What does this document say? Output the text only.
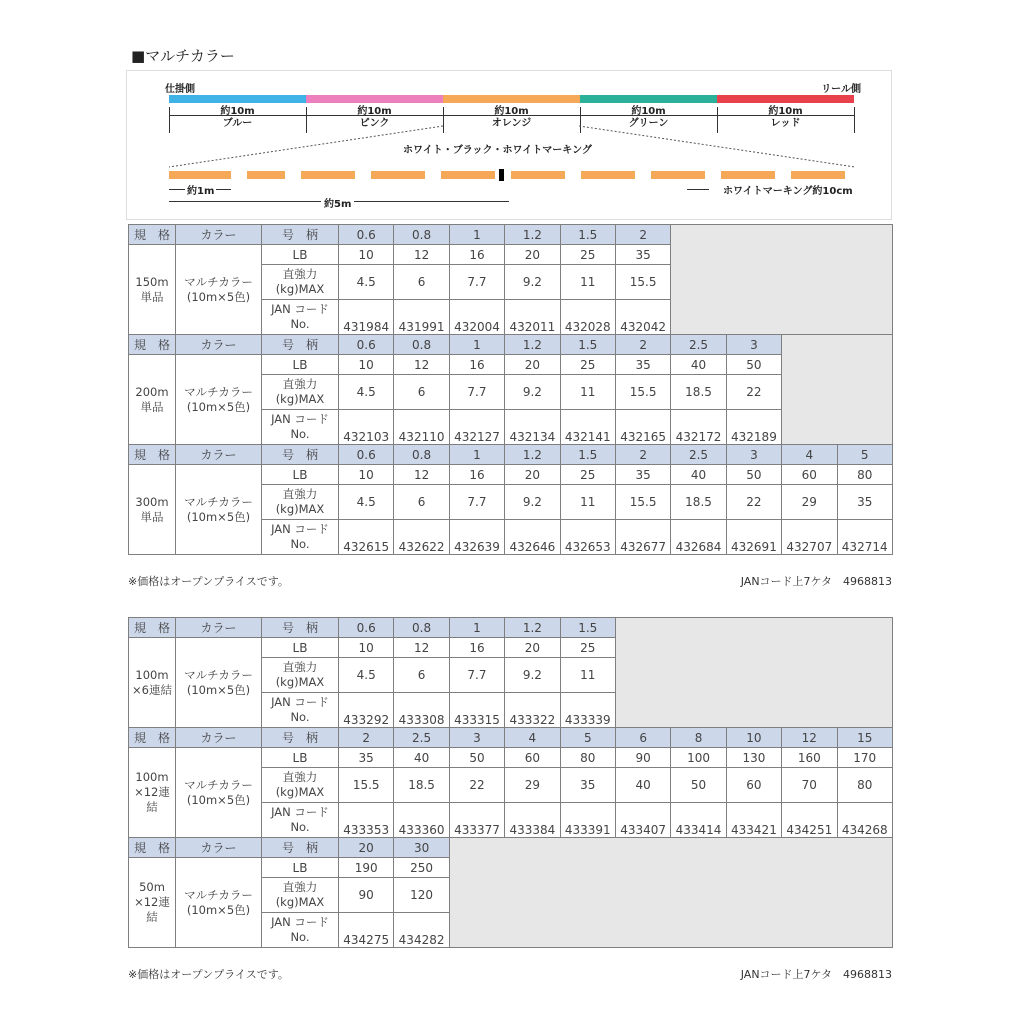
■マルチカラー
仕掛側	リール側
約10m
ブルー
約10m
ピンク
約10m
オレンジ
約10m
グリーン
約10m
レッド
ホワイト・ブラック・ホワイトマーキング
約1m
約5m
ホワイトマーキング約10cm
規　格	カラー	号　柄	0.6	0.8	1	1.2	1.5	2				
150m 単品	マルチカラー (10m×5色)	LB	10	12	16	20	25	35				
		直強力 (kg)MAX	4.5	6	7.7	9.2	11	15.5				
		JAN コード No.	431984	431991	432004	432011	432028	432042				
規　格	カラー	号　柄	0.6	0.8	1	1.2	1.5	2	2.5	3		
200m 単品	マルチカラー (10m×5色)	LB	10	12	16	20	25	35	40	50		
		直強力 (kg)MAX	4.5	6	7.7	9.2	11	15.5	18.5	22		
		JAN コード No.	432103	432110	432127	432134	432141	432165	432172	432189		
規　格	カラー	号　柄	0.6	0.8	1	1.2	1.5	2	2.5	3	4	5
300m 単品	マルチカラー (10m×5色)	LB	10	12	16	20	25	35	40	50	60	80
		直強力 (kg)MAX	4.5	6	7.7	9.2	11	15.5	18.5	22	29	35
		JAN コード No.	432615	432622	432639	432646	432653	432677	432684	432691	432707	432714
※価格はオープンプライスです。	JANコード上7ケタ　4968813
規　格	カラー	号　柄	0.6	0.8	1	1.2	1.5					
100m ×6連結	マルチカラー (10m×5色)	LB	10	12	16	20	25					
		直強力 (kg)MAX	4.5	6	7.7	9.2	11					
		JAN コード No.	433292	433308	433315	433322	433339					
規　格	カラー	号　柄	2	2.5	3	4	5	6	8	10	12	15
100m ×12連結	マルチカラー (10m×5色)	LB	35	40	50	60	80	90	100	130	160	170
		直強力 (kg)MAX	15.5	18.5	22	29	35	40	50	60	70	80
		JAN コード No.	433353	433360	433377	433384	433391	433407	433414	433421	434251	434268
規　格	カラー	号　柄	20	30								
50m ×12連結	マルチカラー (10m×5色)	LB	190	250								
		直強力 (kg)MAX	90	120								
		JAN コード No.	434275	434282								
※価格はオープンプライスです。	JANコード上7ケタ　4968813
